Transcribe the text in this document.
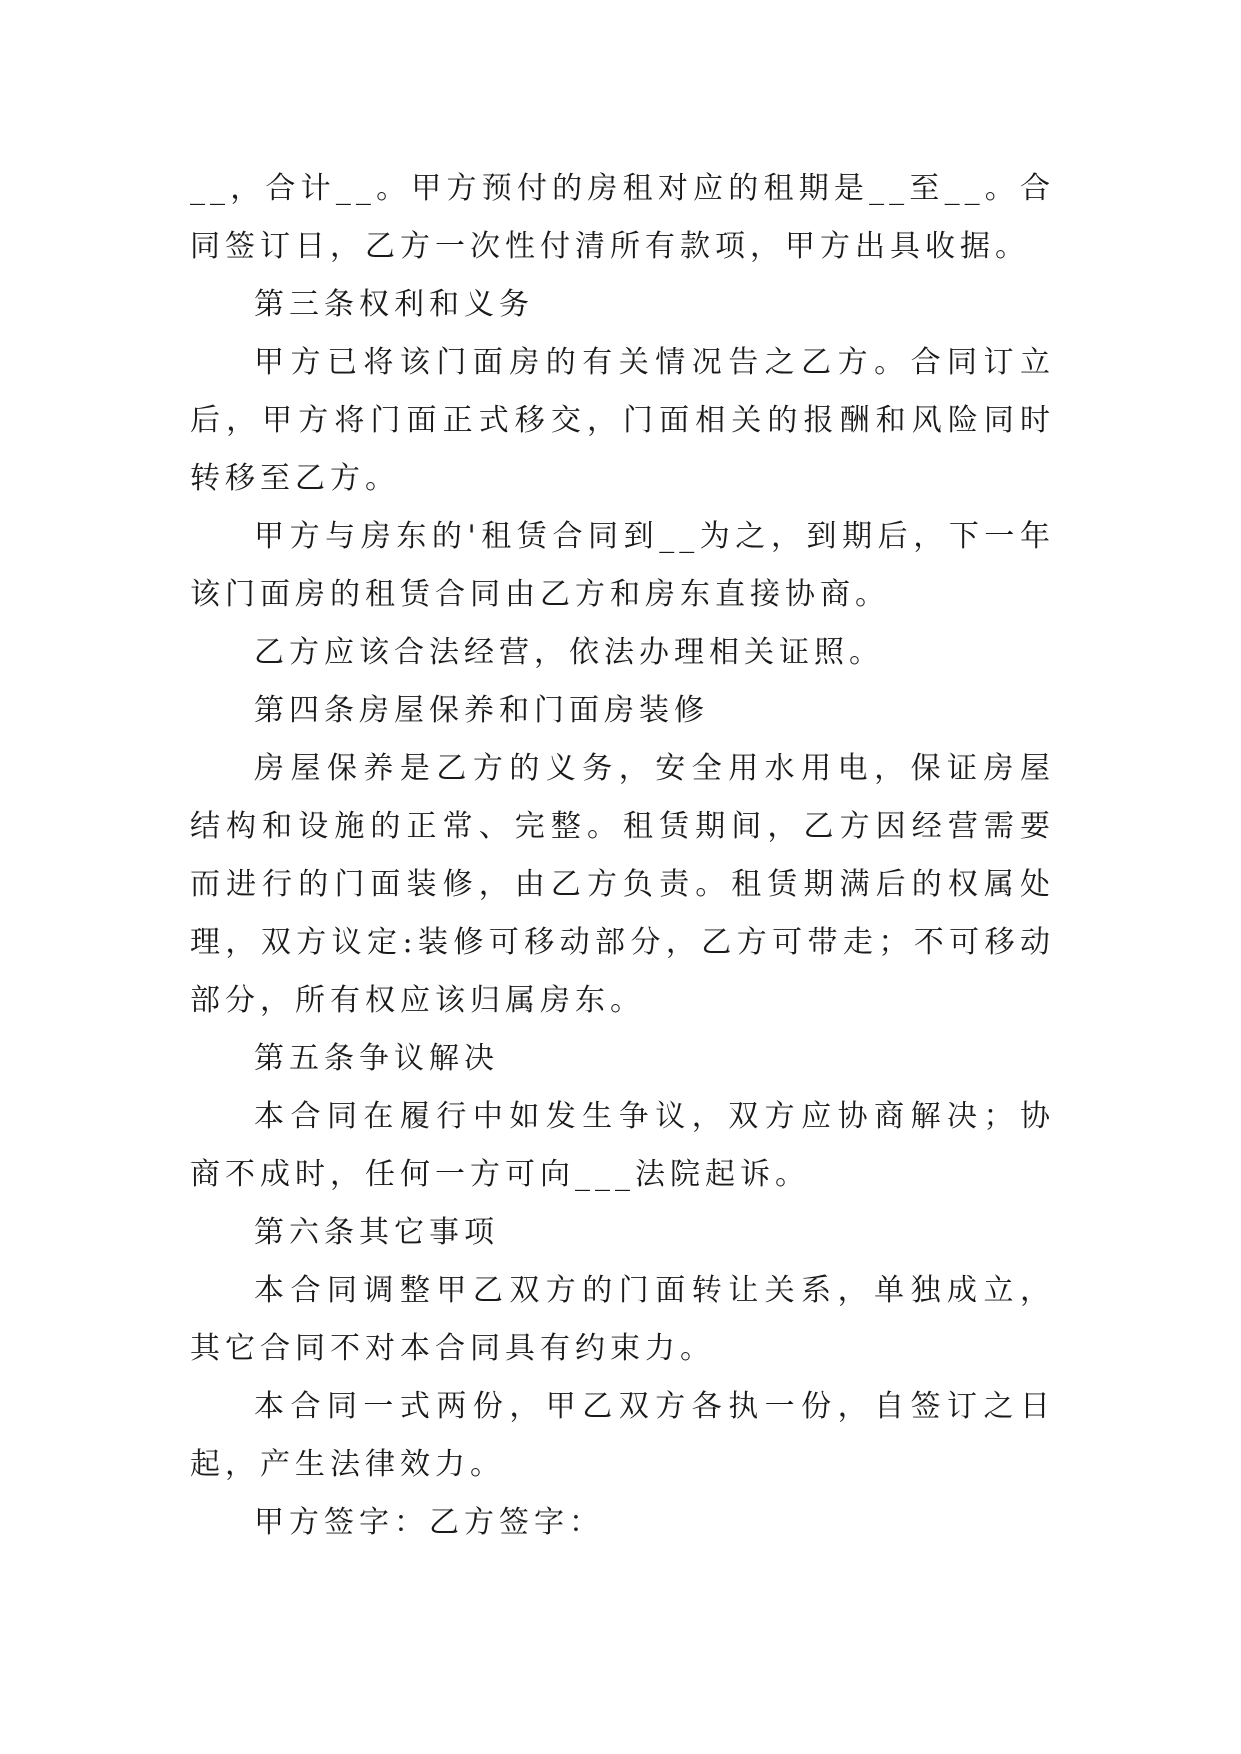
__，合计__。甲方预付的房租对应的租期是__至__。合同签订日，乙方一次性付清所有款项，甲方出具收据。

第三条权利和义务

甲方已将该门面房的有关情况告之乙方。合同订立后，甲方将门面正式移交，门面相关的报酬和风险同时转移至乙方。

甲方与房东的'租赁合同到__为之，到期后，下一年该门面房的租赁合同由乙方和房东直接协商。

乙方应该合法经营，依法办理相关证照。

第四条房屋保养和门面房装修

房屋保养是乙方的义务，安全用水用电，保证房屋结构和设施的正常、完整。租赁期间，乙方因经营需要而进行的门面装修，由乙方负责。租赁期满后的权属处理，双方议定:装修可移动部分，乙方可带走；不可移动部分，所有权应该归属房东。

第五条争议解决

本合同在履行中如发生争议，双方应协商解决；协商不成时，任何一方可向___法院起诉。

第六条其它事项

本合同调整甲乙双方的门面转让关系，单独成立，其它合同不对本合同具有约束力。

本合同一式两份，甲乙双方各执一份，自签订之日起，产生法律效力。

甲方签字：乙方签字：
